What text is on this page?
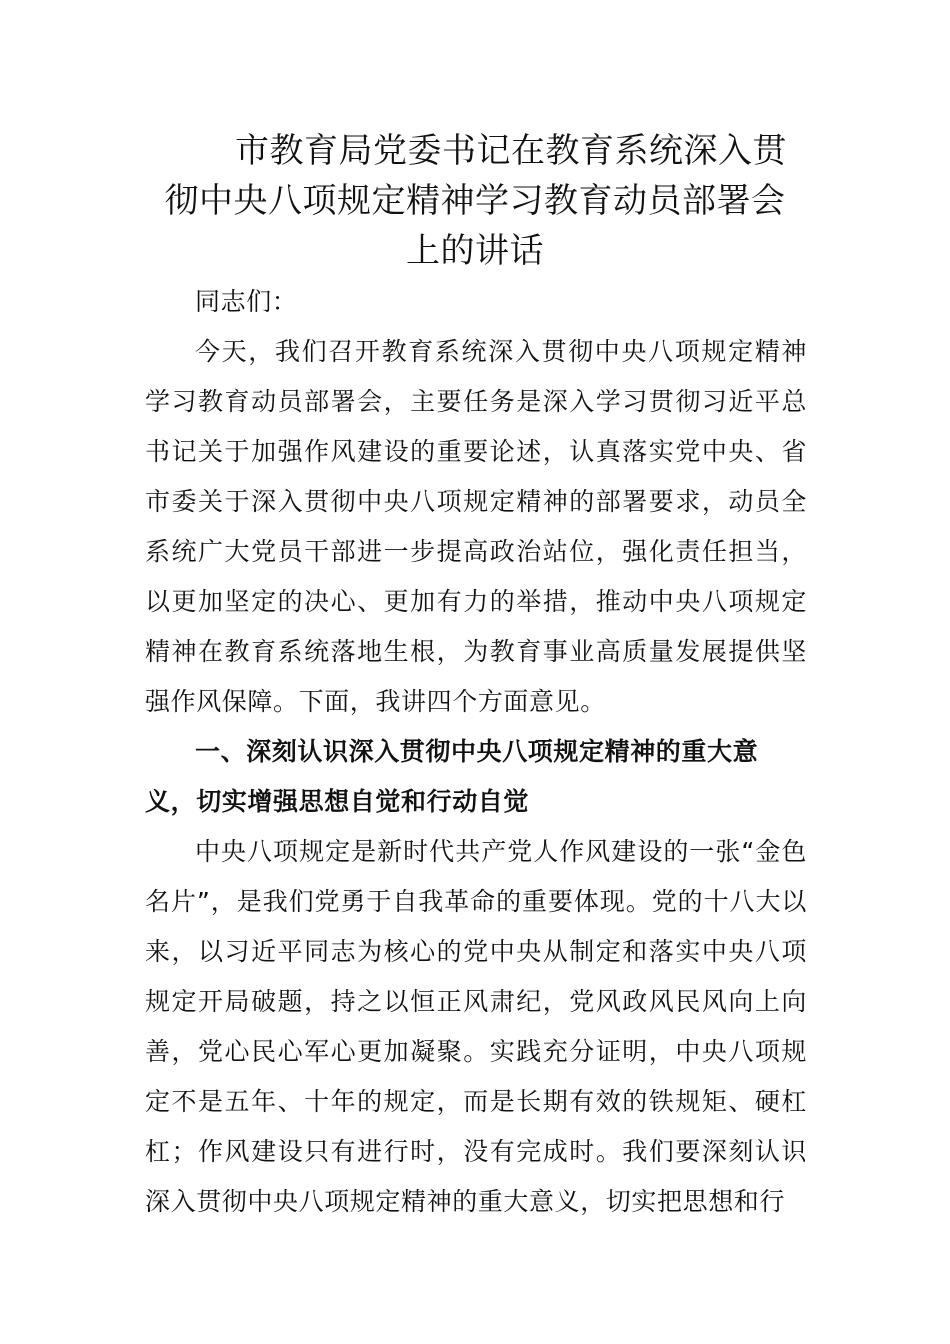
市教育局党委书记在教育系统深入贯
彻中央八项规定精神学习教育动员部署会
上的讲话

同志们：

今天，我们召开教育系统深入贯彻中央八项规定精神学习教育动员部署会，主要任务是深入学习贯彻习近平总书记关于加强作风建设的重要论述，认真落实党中央、省市委关于深入贯彻中央八项规定精神的部署要求，动员全系统广大党员干部进一步提高政治站位，强化责任担当，以更加坚定的决心、更加有力的举措，推动中央八项规定精神在教育系统落地生根，为教育事业高质量发展提供坚强作风保障。下面，我讲四个方面意见。

一、深刻认识深入贯彻中央八项规定精神的重大意义，切实增强思想自觉和行动自觉

中央八项规定是新时代共产党人作风建设的一张“金色名片”，是我们党勇于自我革命的重要体现。党的十八大以来，以习近平同志为核心的党中央从制定和落实中央八项规定开局破题，持之以恒正风肃纪，党风政风民风向上向善，党心民心军心更加凝聚。实践充分证明，中央八项规定不是五年、十年的规定，而是长期有效的铁规矩、硬杠杠；作风建设只有进行时，没有完成时。我们要深刻认识深入贯彻中央八项规定精神的重大意义，切实把思想和行
